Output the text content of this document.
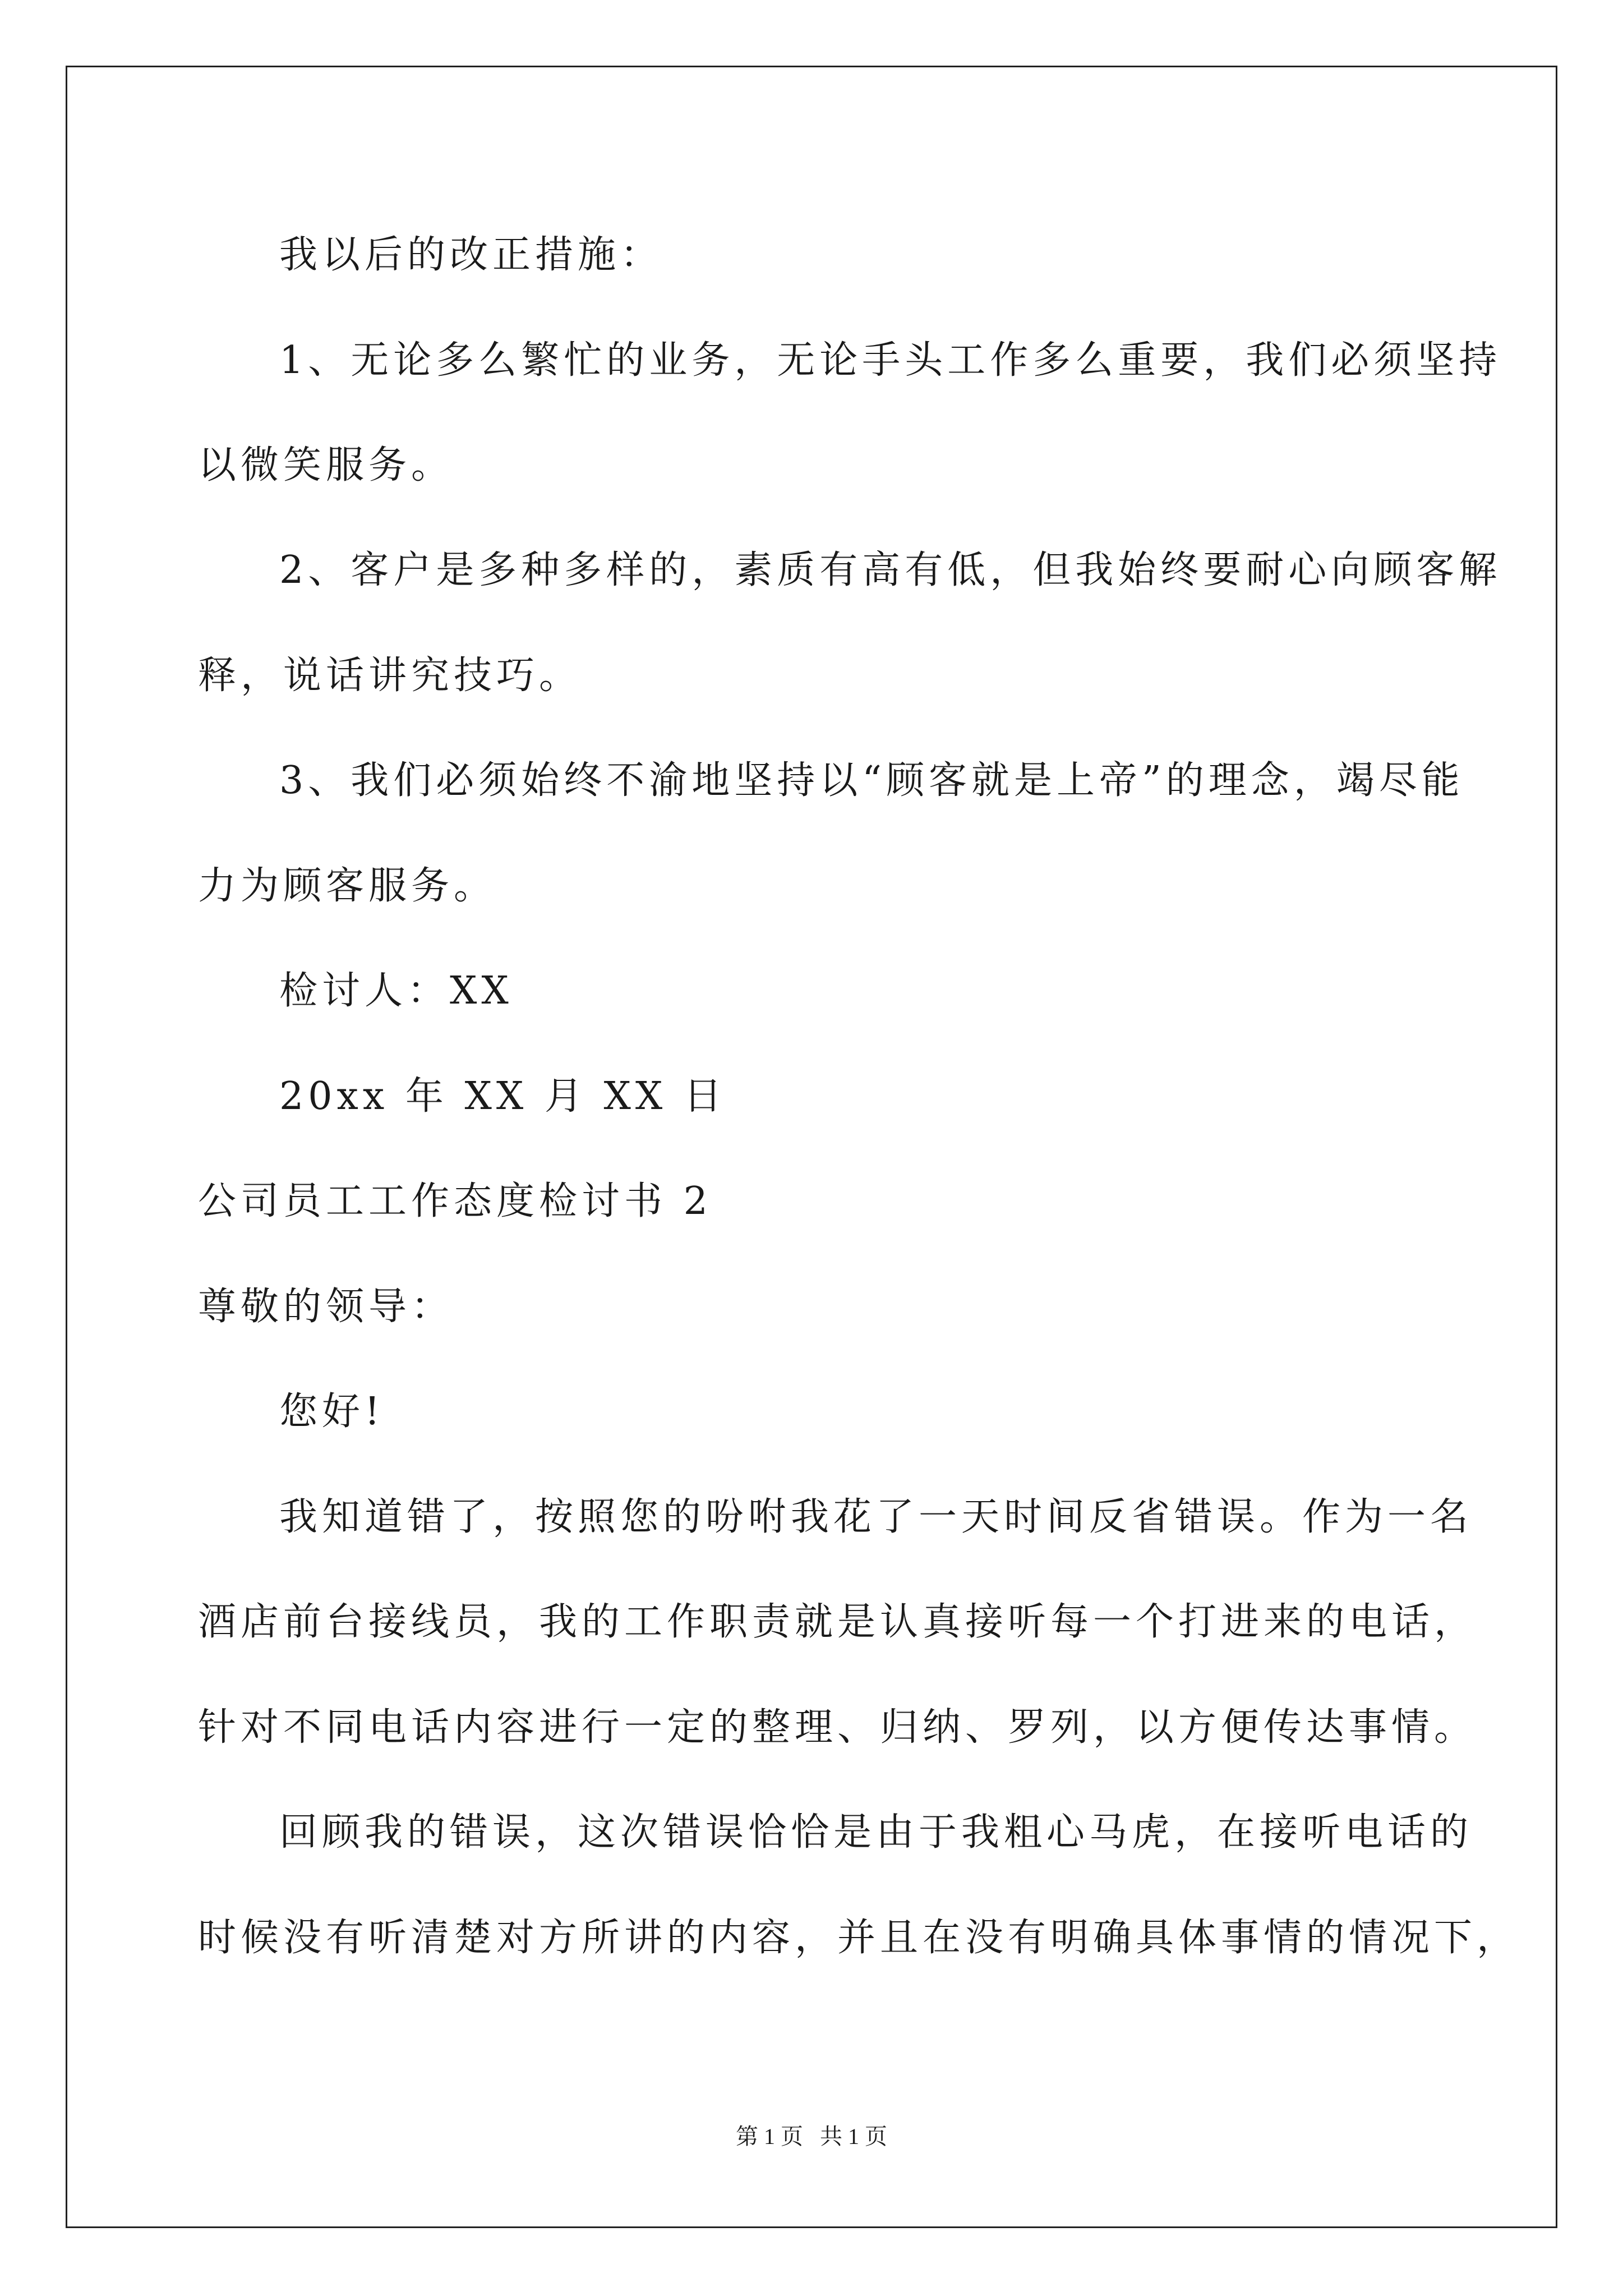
我以后的改正措施：
1、无论多么繁忙的业务，无论手头工作多么重要，我们必须坚持
以微笑服务。
2、客户是多种多样的，素质有高有低，但我始终要耐心向顾客解
释，说话讲究技巧。
3、我们必须始终不渝地坚持以“顾客就是上帝”的理念，竭尽能
力为顾客服务。
检讨人：XX
20xx 年 XX 月 XX 日
公司员工工作态度检讨书 2
尊敬的领导：
您好!
我知道错了，按照您的吩咐我花了一天时间反省错误。作为一名
酒店前台接线员，我的工作职责就是认真接听每一个打进来的电话，
针对不同电话内容进行一定的整理、归纳、罗列，以方便传达事情。
回顾我的错误，这次错误恰恰是由于我粗心马虎，在接听电话的
时候没有听清楚对方所讲的内容，并且在没有明确具体事情的情况下，
第 1 页 共 1 页
